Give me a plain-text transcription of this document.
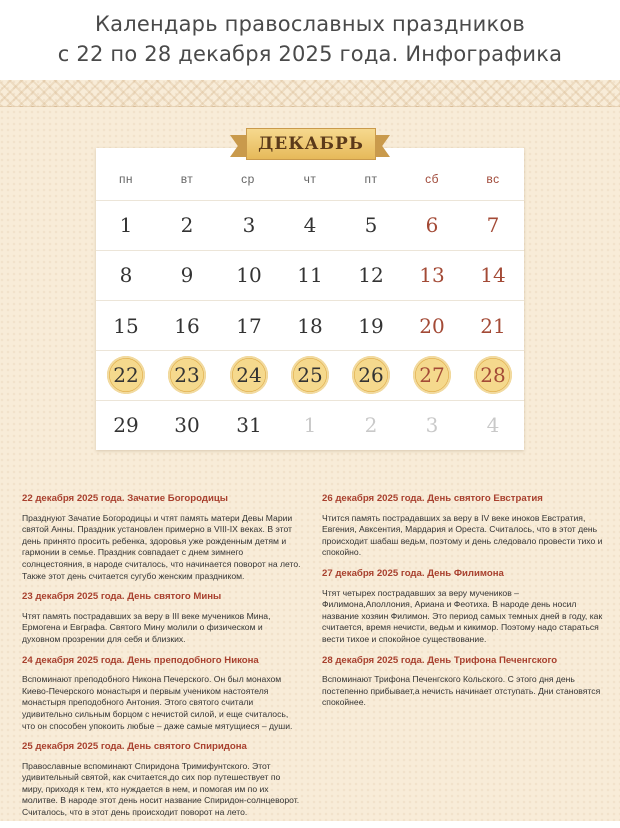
Календарь православных праздников
с 22 по 28 декабря 2025 года. Инфографика
ДЕКАБРЬ
пн	вт	ср	чт	пт	сб	вс
1	2	3	4	5	6	7
8	9	10	11	12	13	14
15	16	17	18	19	20	21
22	23	24	25	26	27	28
29	30	31	1	2	3	4
22 декабря 2025 года. Зачатие Богородицы
Празднуют Зачатие Богородицы и чтят память матери Девы Марии святой Анны. Праздник установлен примерно в VIII-IX веках. В этот день принято просить ребенка, здоровья уже рожденным детям и гармонии в семье. Праздник совпадает с днем зимнего солнцестояния, в народе считалось, что начинается поворот на лето. Также этот день считается сугубо женским праздником.
23 декабря 2025 года. День святого Мины
Чтят память пострадавших за веру в III веке мучеников Мина, Ермогена и Евграфа. Святого Мину молили о физическом и духовном прозрении для себя и близких.
24 декабря 2025 года. День преподобного Никона
Вспоминают преподобного Никона Печерского. Он был монахом Киево-Печерского монастыря и первым учеником настоятеля монастыря преподобного Антония. Этого святого считали удивительно сильным борцом с нечистой силой, и еще считалось, что он способен упокоить любые – даже самые мятущиеся – души.
25 декабря 2025 года. День святого Спиридона
Православные вспоминают Спиридона Тримифунтского. Этот удивительный святой, как считается,до сих пор путешествует по миру, приходя к тем, кто нуждается в нем, и помогая им по их молитве. В народе этот день носит название Спиридон-солнцеворот. Считалось, что в этот день происходит поворот на лето.
26 декабря 2025 года. День святого Евстратия
Чтится память пострадавших за веру в IV веке иноков Евстратия, Евгения, Авксентия, Мардария и Ореста. Считалось, что в этот день происходит шабаш ведьм, поэтому и день следовало провести тихо и спокойно.
27 декабря 2025 года. День Филимона
Чтят четырех пострадавших за веру мучеников – Филимона,Аполлония, Ариана и Феотиха. В народе день носил название хозяин Филимон. Это период самых темных дней в году, как считается, время нечисти, ведьм и кикимор. Поэтому надо стараться вести тихое и спокойное существование.
28 декабря 2025 года. День Трифона Печенгского
Вспоминают Трифона Печенгского Кольского. С этого дня день постепенно прибывает,а нечисть начинает отступать. Дни становятся спокойнее.
